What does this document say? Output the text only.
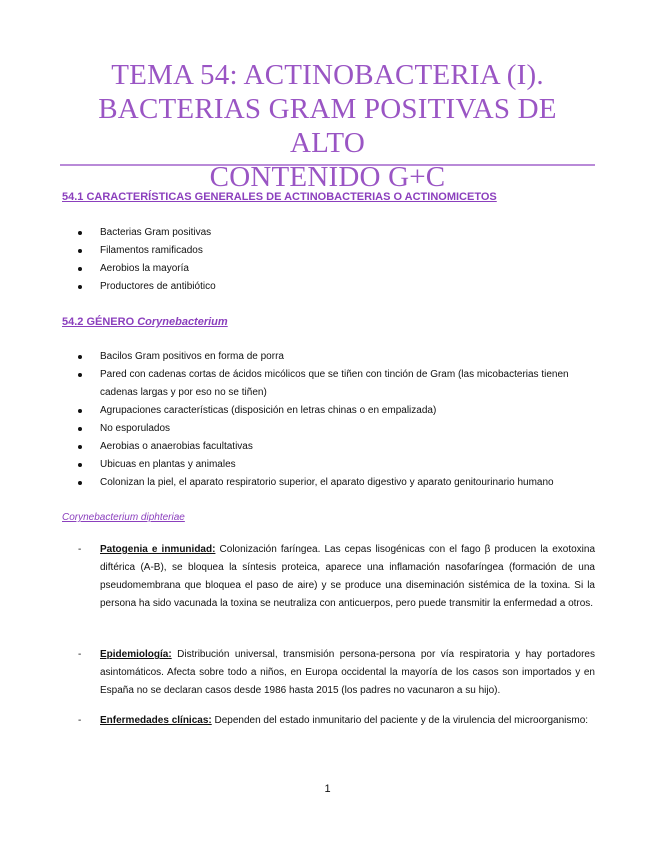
TEMA 54: ACTINOBACTERIA (I).
BACTERIAS GRAM POSITIVAS DE ALTO
CONTENIDO G+C
54.1 CARACTERÍSTICAS GENERALES DE ACTINOBACTERIAS O ACTINOMICETOS
Bacterias Gram positivas
Filamentos ramificados
Aerobios la mayoría
Productores de antibiótico
54.2 GÉNERO Corynebacterium
Bacilos Gram positivos en forma de porra
Pared con cadenas cortas de ácidos micólicos que se tiñen con tinción de Gram (las micobacterias tienen cadenas largas y por eso no se tiñen)
Agrupaciones características (disposición en letras chinas o en empalizada)
No esporulados
Aerobias o anaerobias facultativas
Ubicuas en plantas y animales
Colonizan la piel, el aparato respiratorio superior, el aparato digestivo y aparato genitourinario humano
Corynebacterium diphteriae
- Patogenia e inmunidad: Colonización faríngea. Las cepas lisogénicas con el fago β producen la exotoxina diftérica (A-B), se bloquea la síntesis proteica, aparece una inflamación nasofaríngea (formación de una pseudomembrana que bloquea el paso de aire) y se produce una diseminación sistémica de la toxina. Si la persona ha sido vacunada la toxina se neutraliza con anticuerpos, pero puede transmitir la enfermedad a otros.
- Epidemiología: Distribución universal, transmisión persona-persona por vía respiratoria y hay portadores asintomáticos. Afecta sobre todo a niños, en Europa occidental la mayoría de los casos son importados y en España no se declaran casos desde 1986 hasta 2015 (los padres no vacunaron a su hijo).
- Enfermedades clínicas: Dependen del estado inmunitario del paciente y de la virulencia del microorganismo:
1
